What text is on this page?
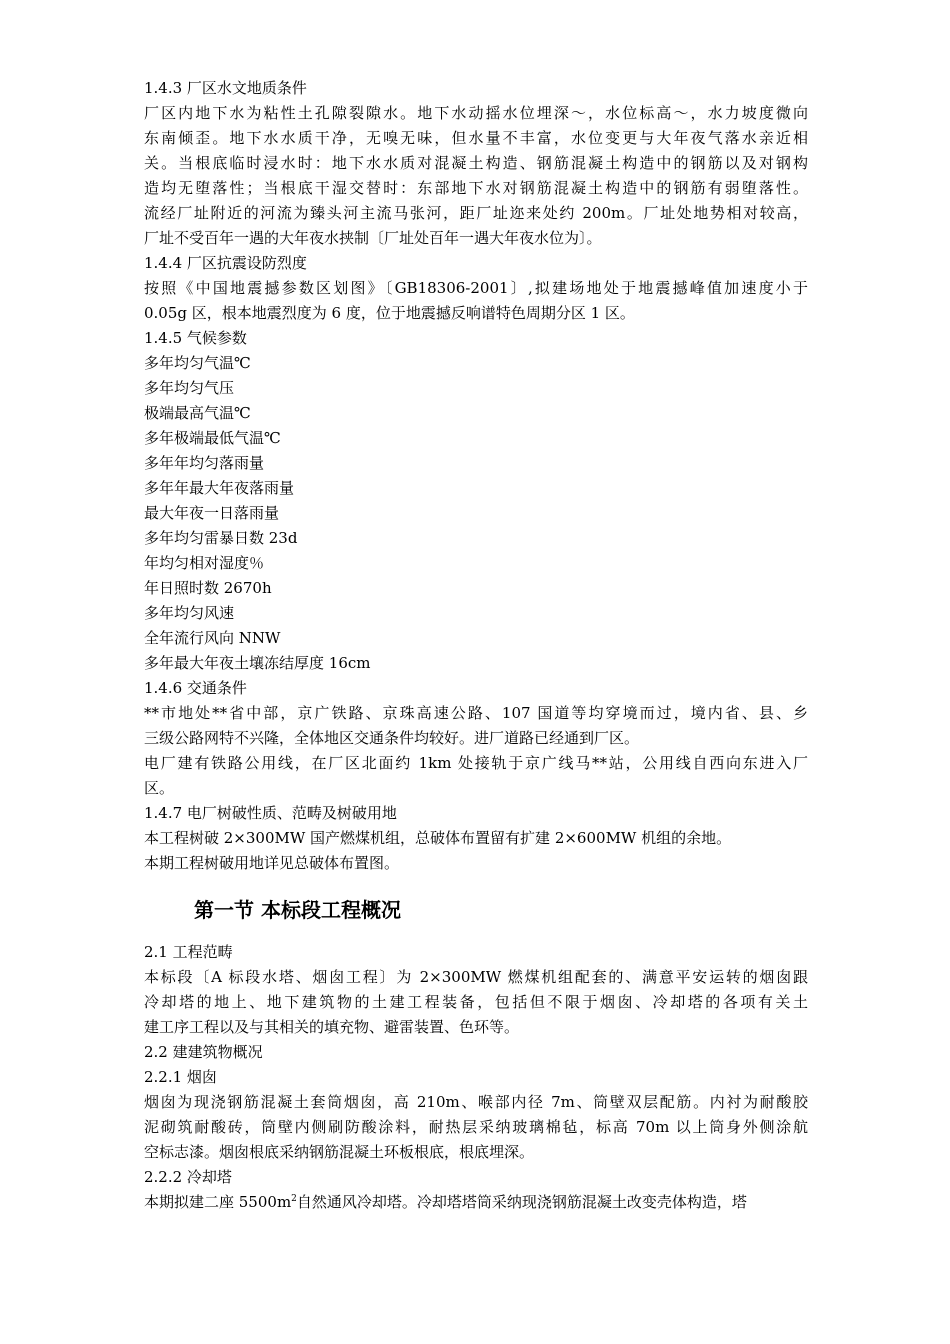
1.4.3 厂区水文地质条件
厂区内地下水为粘性土孔隙裂隙水。地下水动摇水位埋深～，水位标高～，水力坡度微向
东南倾歪。地下水水质干净，无嗅无味，但水量不丰富，水位变更与大年夜气落水亲近相
关。当根底临时浸水时：地下水水质对混凝土构造、钢筋混凝土构造中的钢筋以及对钢构
造均无堕落性；当根底干湿交替时：东部地下水对钢筋混凝土构造中的钢筋有弱堕落性。
流经厂址附近的河流为臻头河主流马张河，距厂址迩来处约 200m。厂址处地势相对较高，
厂址不受百年一遇的大年夜水挟制〔厂址处百年一遇大年夜水位为〕。
1.4.4 厂区抗震设防烈度
按照《中国地震撼参数区划图》〔GB18306-2001〕,拟建场地处于地震撼峰值加速度小于
0.05g 区，根本地震烈度为 6 度，位于地震撼反响谱特色周期分区 1 区。
1.4.5 气候参数
多年均匀气温℃
多年均匀气压
极端最高气温℃
多年极端最低气温℃
多年年均匀落雨量
多年年最大年夜落雨量
最大年夜一日落雨量
多年均匀雷暴日数 23d
年均匀相对湿度％
年日照时数 2670h
多年均匀风速
全年流行风向 NNW
多年最大年夜土壤冻结厚度 16cm
1.4.6 交通条件
**市地处**省中部，京广铁路、京珠高速公路、107 国道等均穿境而过，境内省、县、乡
三级公路网特不兴隆，全体地区交通条件均较好。进厂道路已经通到厂区。
电厂建有铁路公用线，在厂区北面约 1km 处接轨于京广线马**站，公用线自西向东进入厂
区。
1.4.7 电厂树破性质、范畴及树破用地
本工程树破 2×300MW 国产燃煤机组，总破体布置留有扩建 2×600MW 机组的余地。
本期工程树破用地详见总破体布置图。
第一节 本标段工程概况
2.1 工程范畴
本标段〔A 标段水塔、烟囱工程〕为 2×300MW 燃煤机组配套的、满意平安运转的烟囱跟
冷却塔的地上、地下建筑物的土建工程装备，包括但不限于烟囱、冷却塔的各项有关土
建工序工程以及与其相关的填充物、避雷装置、色环等。
2.2 建建筑物概况
2.2.1 烟囱
烟囱为现浇钢筋混凝土套筒烟囱，高 210m、喉部内径 7m、筒壁双层配筋。内衬为耐酸胶
泥砌筑耐酸砖，筒壁内侧刷防酸涂料，耐热层采纳玻璃棉毡，标高 70m 以上筒身外侧涂航
空标志漆。烟囱根底采纳钢筋混凝土环板根底，根底埋深。
2.2.2 冷却塔
本期拟建二座 $5500m^2$自然通风冷却塔。冷却塔塔筒采纳现浇钢筋混凝土改变壳体构造，塔
